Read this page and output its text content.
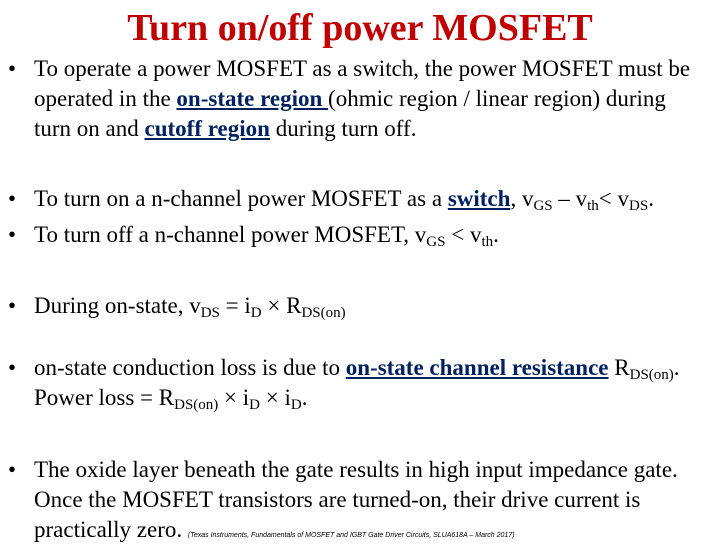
Turn on/off power MOSFET
• To operate a power MOSFET as a switch, the power MOSFET must be operated in the on-state region (ohmic region / linear region) during turn on and cutoff region during turn off.
• To turn on a n-channel power MOSFET as a switch, $v_{GS} - v_{th}< v_{DS}$.
• To turn off a n-channel power MOSFET, $v_{GS} < v_{th}$.
• During on-state, $v_{DS} = i_D \times R_{DS(on)}$
• on-state conduction loss is due to on-state channel resistance $R_{DS(on)}$. Power loss = $R_{DS(on)} \times i_D \times i_D$.
• The oxide layer beneath the gate results in high input impedance gate. Once the MOSFET transistors are turned-on, their drive current is practically zero. (Texas Instruments, Fundamentals of MOSFET and IGBT Gate Driver Circuits, SLUA618A – March 2017)
